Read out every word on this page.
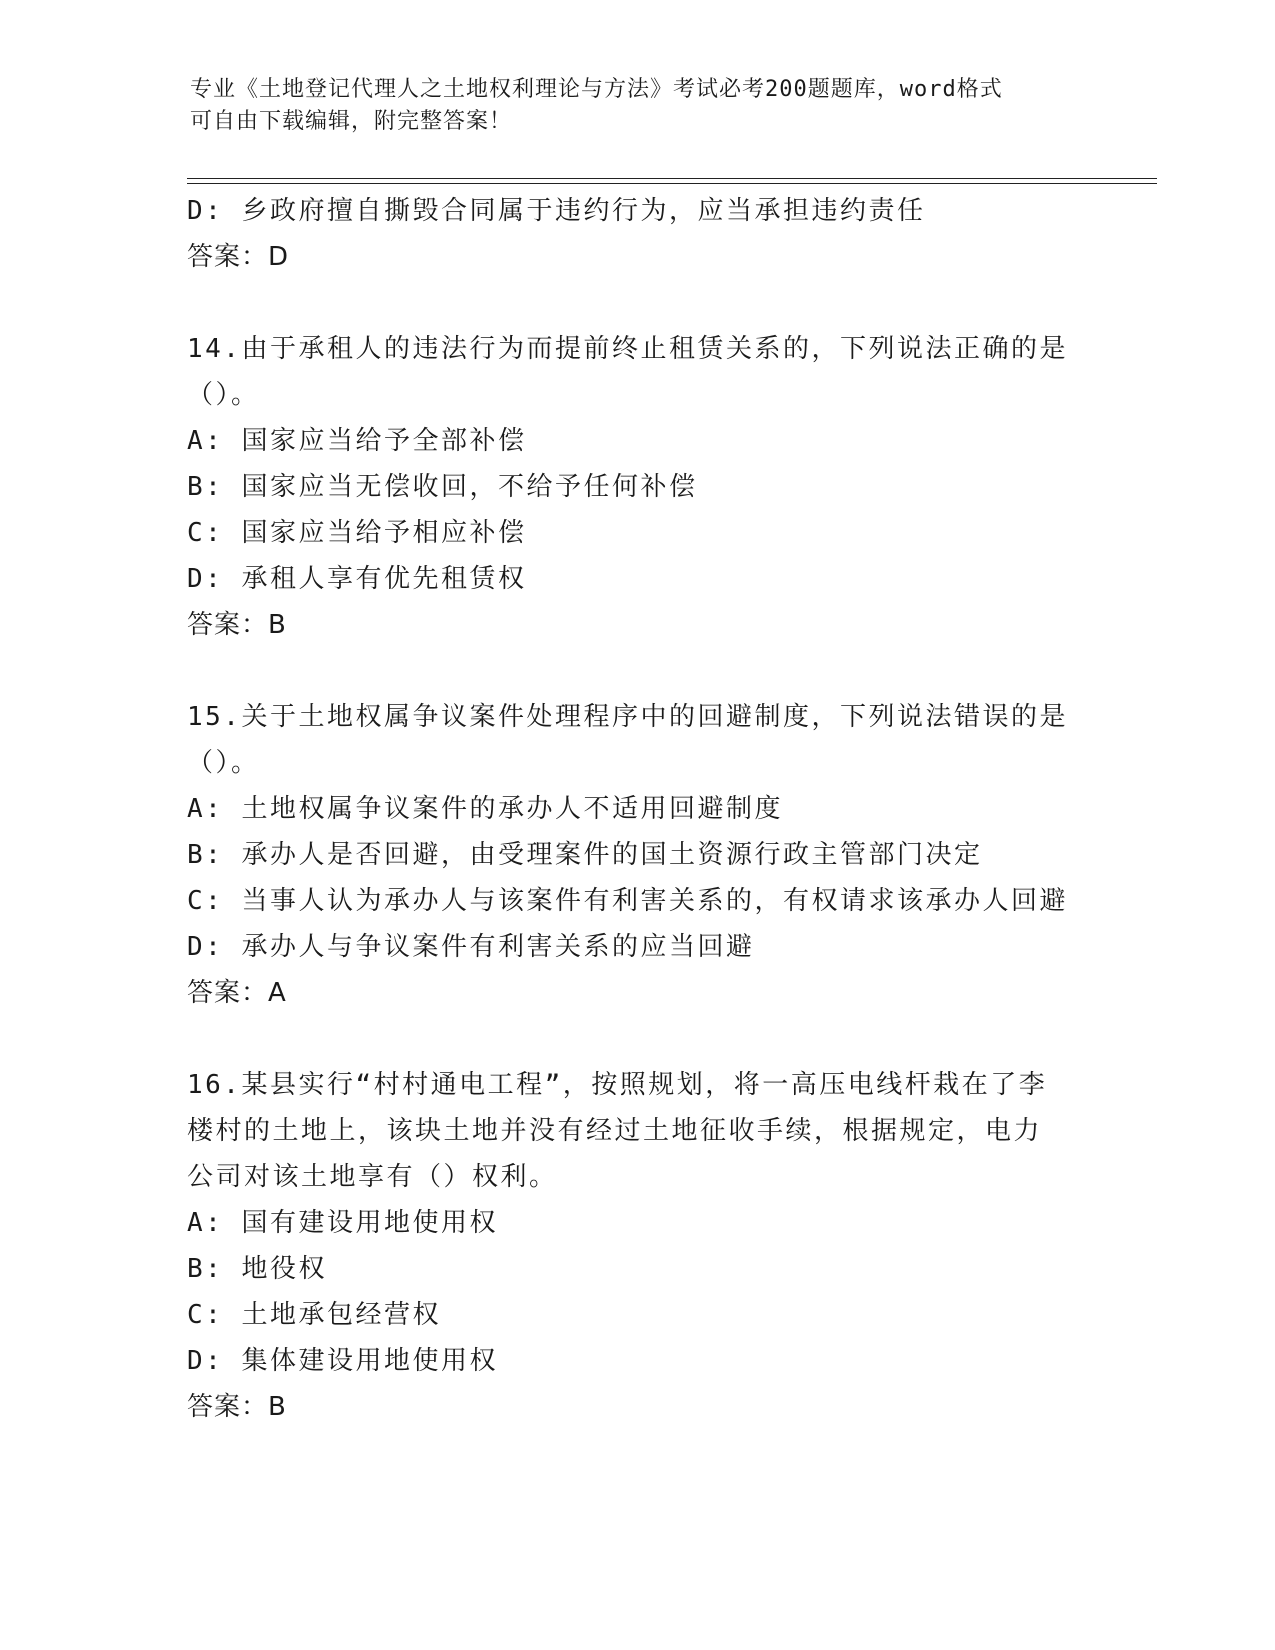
专业《土地登记代理人之土地权利理论与方法》考试必考200题题库，word格式
可自由下载编辑，附完整答案！
D: 乡政府擅自撕毁合同属于违约行为，应当承担违约责任
答案：D
14.由于承租人的违法行为而提前终止租赁关系的，下列说法正确的是
（）。
A: 国家应当给予全部补偿
B: 国家应当无偿收回，不给予任何补偿
C: 国家应当给予相应补偿
D: 承租人享有优先租赁权
答案：B
15.关于土地权属争议案件处理程序中的回避制度，下列说法错误的是
（）。
A: 土地权属争议案件的承办人不适用回避制度
B: 承办人是否回避，由受理案件的国土资源行政主管部门决定
C: 当事人认为承办人与该案件有利害关系的，有权请求该承办人回避
D: 承办人与争议案件有利害关系的应当回避
答案：A
16.某县实行“村村通电工程”，按照规划，将一高压电线杆栽在了李
楼村的土地上，该块土地并没有经过土地征收手续，根据规定，电力
公司对该土地享有（）权利。
A: 国有建设用地使用权
B: 地役权
C: 土地承包经营权
D: 集体建设用地使用权
答案：B
